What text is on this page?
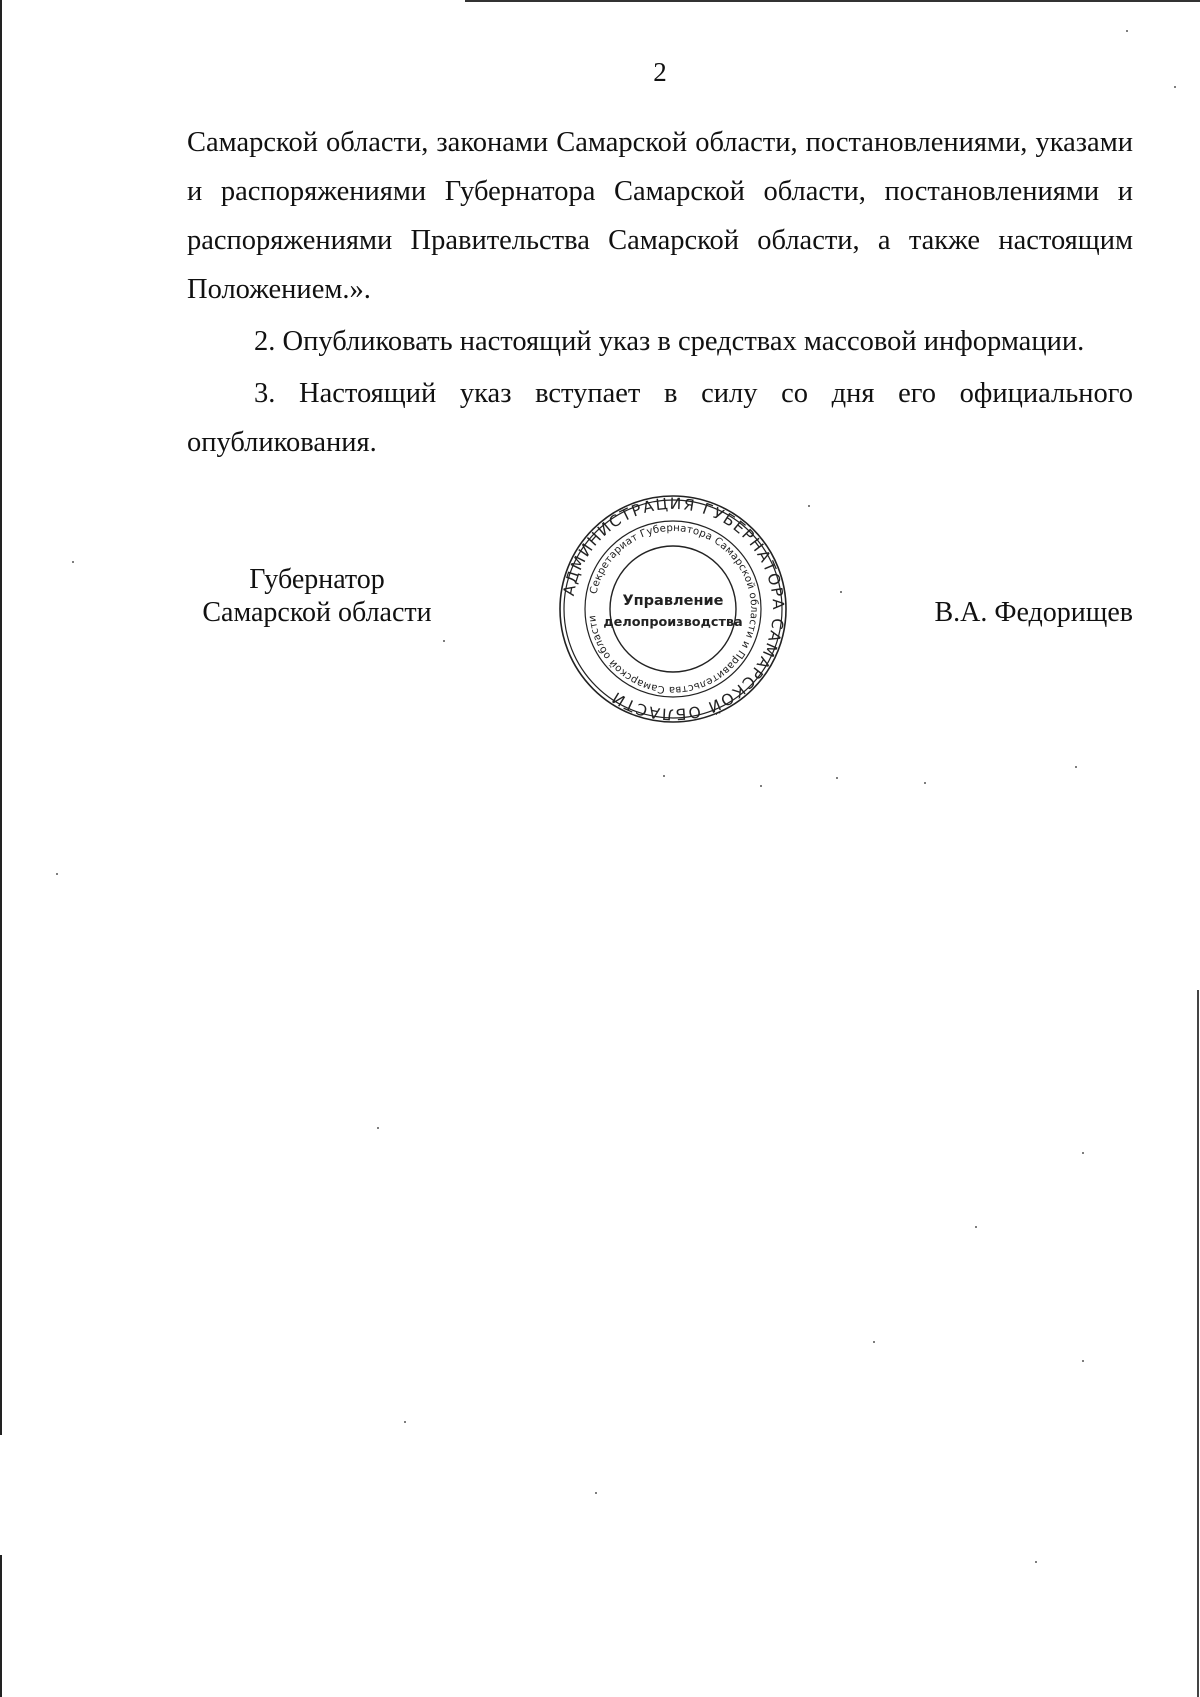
2

Самарской области, законами Самарской области, постановлениями, указами и распоряжениями Губернатора Самарской области, постановлениями и распоряжениями Правительства Самарской области, а также настоящим Положением.».

2. Опубликовать настоящий указ в средствах массовой информации.

3. Настоящий указ вступает в силу со дня его официального опубликования.

Губернатор
Самарской области
АДМИНИСТРАЦИЯ ГУБЕРНАТОРА САМАРСКОЙ ОБЛАСТИ
Секретариат Губернатора Самарской области и Правительства Самарской области
Управление
делопроизводства	В.А. Федорищев
